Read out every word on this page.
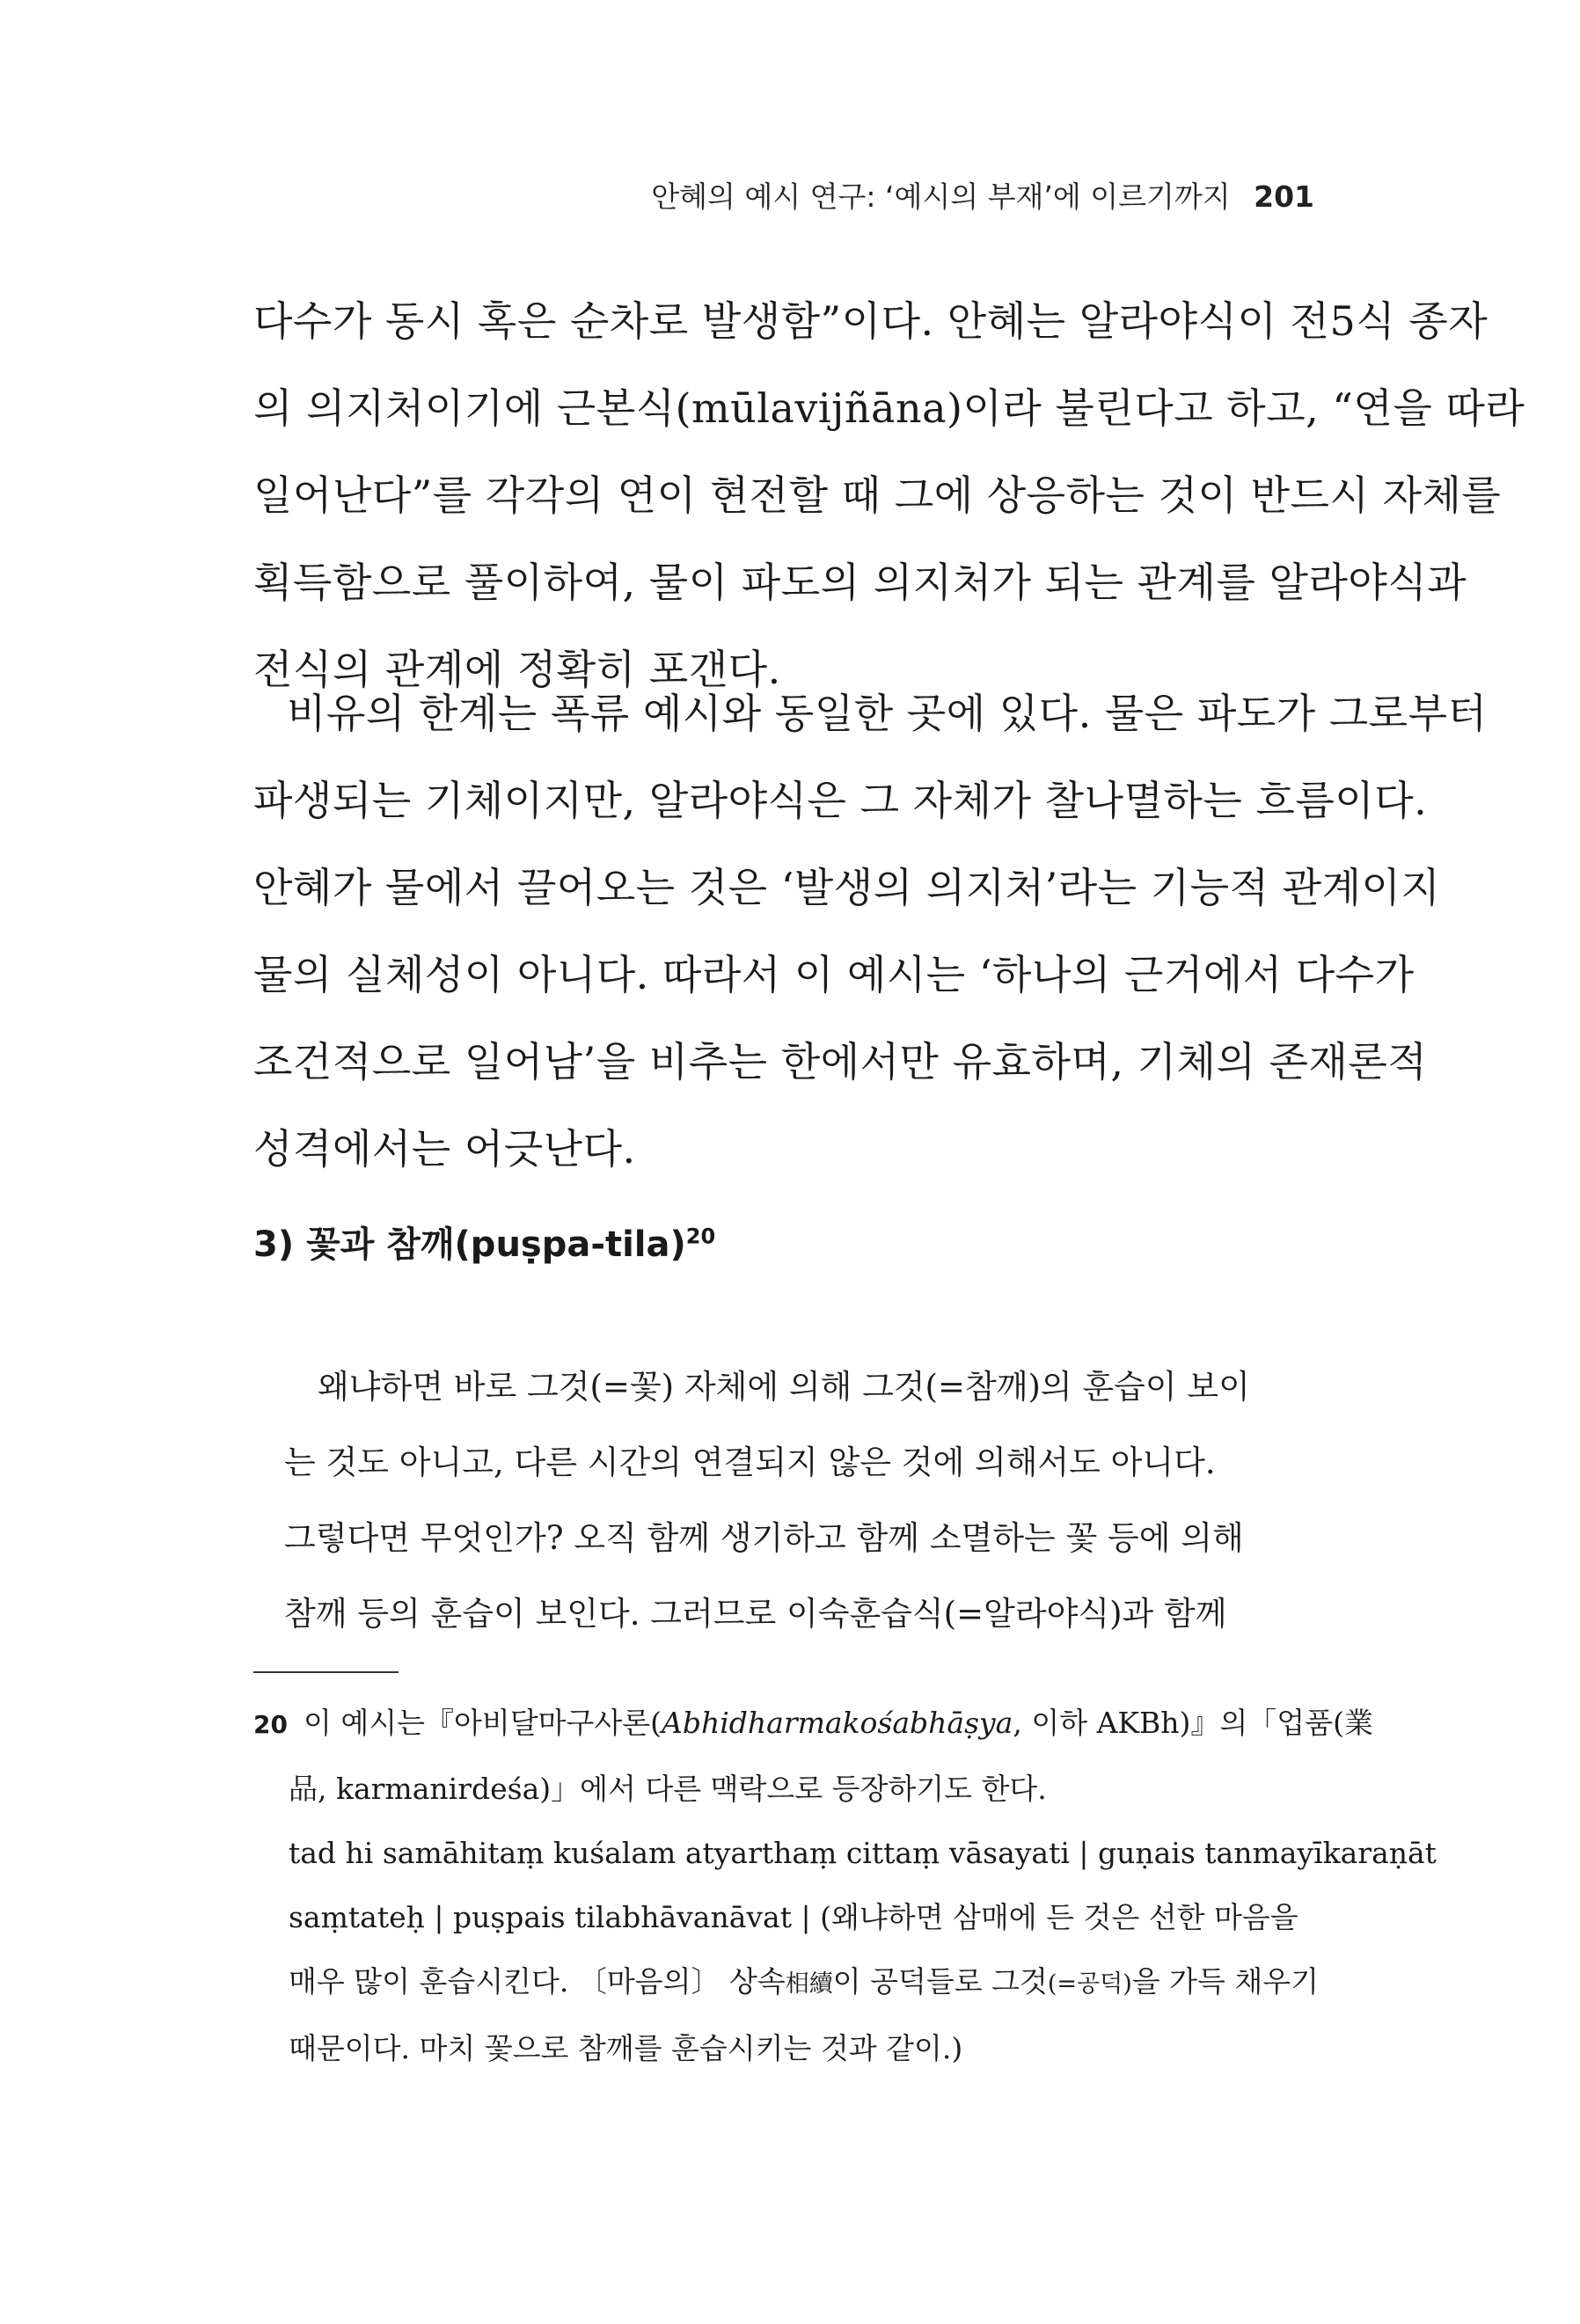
안혜의 예시 연구: ‘예시의 부재’에 이르기까지 201
다수가 동시 혹은 순차로 발생함”이다. 안혜는 알라야식이 전5식 종자
의 의지처이기에 근본식(mūlavijñāna)이라 불린다고 하고, “연을 따라
일어난다”를 각각의 연이 현전할 때 그에 상응하는 것이 반드시 자체를
획득함으로 풀이하여, 물이 파도의 의지처가 되는 관계를 알라야식과
전식의 관계에 정확히 포갠다.
비유의 한계는 폭류 예시와 동일한 곳에 있다. 물은 파도가 그로부터
파생되는 기체이지만, 알라야식은 그 자체가 찰나멸하는 흐름이다.
안혜가 물에서 끌어오는 것은 ‘발생의 의지처’라는 기능적 관계이지
물의 실체성이 아니다. 따라서 이 예시는 ‘하나의 근거에서 다수가
조건적으로 일어남’을 비추는 한에서만 유효하며, 기체의 존재론적
성격에서는 어긋난다.
3) 꽃과 참깨(puṣpa-tila)$^{20}$
왜냐하면 바로 그것(=꽃) 자체에 의해 그것(=참깨)의 훈습이 보이
는 것도 아니고, 다른 시간의 연결되지 않은 것에 의해서도 아니다.
그렇다면 무엇인가? 오직 함께 생기하고 함께 소멸하는 꽃 등에 의해
참깨 등의 훈습이 보인다. 그러므로 이숙훈습식(=알라야식)과 함께
20 이 예시는『아비달마구사론(Abhidharmakośabhāṣya, 이하 AKBh)』의「업품(業
品, karmanirdeśa)」에서 다른 맥락으로 등장하기도 한다.
tad hi samāhitaṃ kuśalam atyarthaṃ cittaṃ vāsayati | guṇais tanmayīkaraṇāt
saṃtateḥ | puṣpais tilabhāvanāvat | (왜냐하면 삼매에 든 것은 선한 마음을
매우 많이 훈습시킨다. 〔마음의〕 상속相續이 공덕들로 그것(=공덕)을 가득 채우기
때문이다. 마치 꽃으로 참깨를 훈습시키는 것과 같이.)
